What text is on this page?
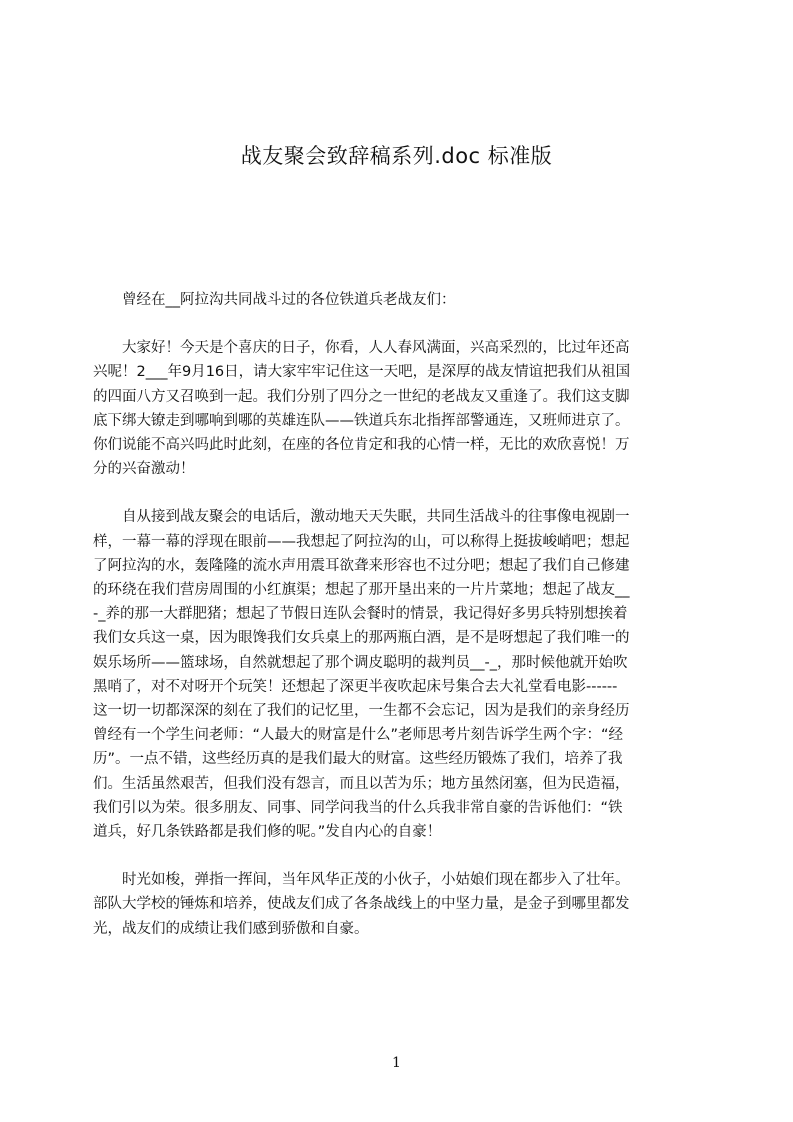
战友聚会致辞稿系列.doc 标准版
曾经在__阿拉沟共同战斗过的各位铁道兵老战友们：
大家好！今天是个喜庆的日子，你看，人人春风满面，兴高采烈的，比过年还高
兴呢！2___年9月16日，请大家牢牢记住这一天吧，是深厚的战友情谊把我们从祖国
的四面八方又召唤到一起。我们分别了四分之一世纪的老战友又重逢了。我们这支脚
底下绑大镣走到哪响到哪的英雄连队——铁道兵东北指挥部警通连，又班师进京了。
你们说能不高兴吗此时此刻，在座的各位肯定和我的心情一样，无比的欢欣喜悦！万
分的兴奋激动！
自从接到战友聚会的电话后，激动地天天失眠，共同生活战斗的往事像电视剧一
样，一幕一幕的浮现在眼前——我想起了阿拉沟的山，可以称得上挺拔峻峭吧；想起
了阿拉沟的水，轰隆隆的流水声用震耳欲聋来形容也不过分吧；想起了我们自己修建
的环绕在我们营房周围的小红旗渠；想起了那开垦出来的一片片菜地；想起了战友__
-_养的那一大群肥猪；想起了节假日连队会餐时的情景，我记得好多男兵特别想挨着
我们女兵这一桌，因为眼馋我们女兵桌上的那两瓶白酒，是不是呀想起了我们唯一的
娱乐场所——篮球场，自然就想起了那个调皮聪明的裁判员__-_，那时候他就开始吹
黑哨了，对不对呀开个玩笑！还想起了深更半夜吹起床号集合去大礼堂看电影------
这一切一切都深深的刻在了我们的记忆里，一生都不会忘记，因为是我们的亲身经历
曾经有一个学生问老师：“人最大的财富是什么”老师思考片刻告诉学生两个字：“经
历”。一点不错，这些经历真的是我们最大的财富。这些经历锻炼了我们，培养了我
们。生活虽然艰苦，但我们没有怨言，而且以苦为乐；地方虽然闭塞，但为民造福，
我们引以为荣。很多朋友、同事、同学问我当的什么兵我非常自豪的告诉他们：“铁
道兵，好几条铁路都是我们修的呢。”发自内心的自豪！
时光如梭，弹指一挥间，当年风华正茂的小伙子，小姑娘们现在都步入了壮年。
部队大学校的锤炼和培养，使战友们成了各条战线上的中坚力量，是金子到哪里都发
光，战友们的成绩让我们感到骄傲和自豪。
1
